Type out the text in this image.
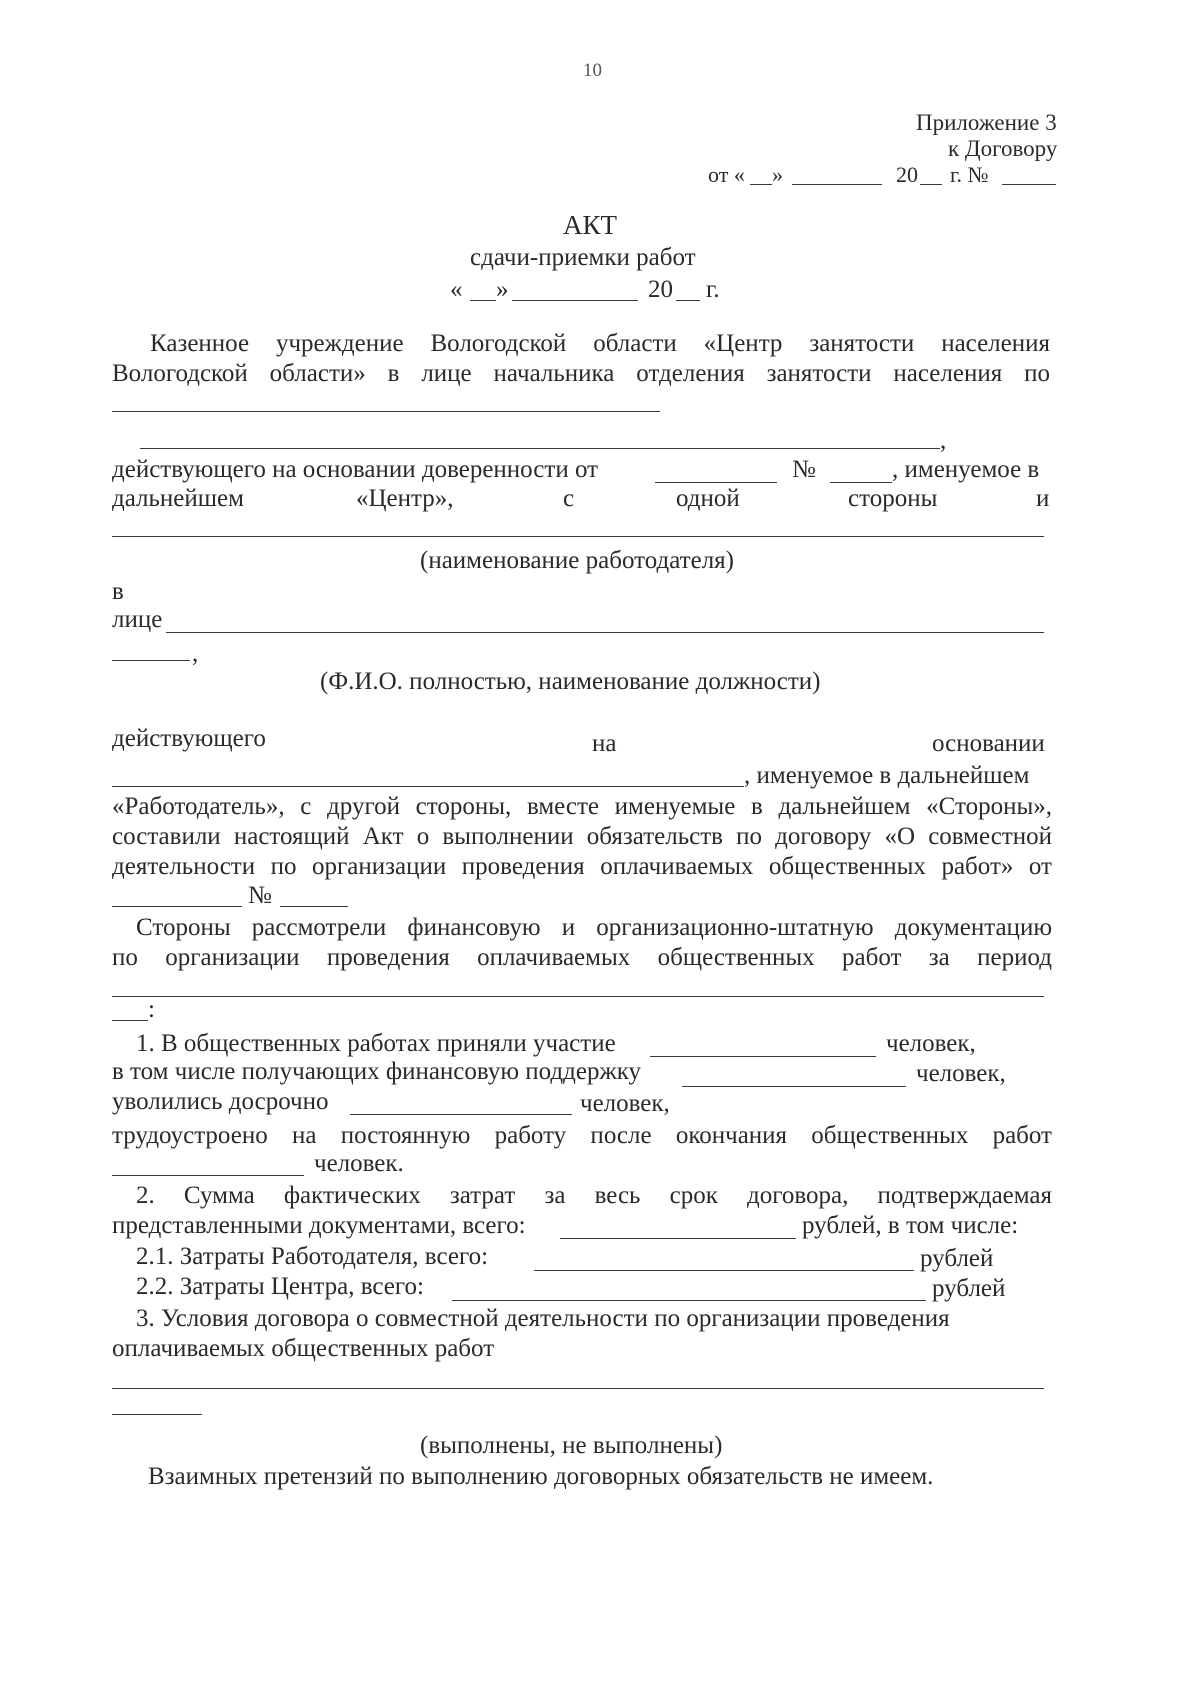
10
Приложение 3
к Договору
от « »	20 г. №
АКТ
сдачи-приемки работ
« »	20 г.
Казенное учреждение Вологодской области «Центр занятости населения
Вологодской области» в лице начальника отделения занятости населения по
,
действующего на основании доверенности от	№	, именуемое в
дальнейшем	«Центр»,	с	одной	стороны	и
(наименование работодателя)
в
лице
,
(Ф.И.О. полностью, наименование должности)
действующего	на	основании
, именуемое в дальнейшем
«Работодатель», с другой стороны, вместе именуемые в дальнейшем «Стороны»,
составили настоящий Акт о выполнении обязательств по договору «О совместной
деятельности по организации проведения оплачиваемых общественных работ» от
№
Стороны рассмотрели финансовую и организационно-штатную документацию
по организации проведения оплачиваемых общественных работ за период
:
1. В общественных работах приняли участие	человек,
в том числе получающих финансовую поддержку	человек,
уволились досрочно	человек,
трудоустроено на постоянную работу после окончания общественных работ
человек.
2. Сумма фактических затрат за весь срок договора, подтверждаемая
представленными документами, всего:	рублей, в том числе:
2.1. Затраты Работодателя, всего:	рублей
2.2. Затраты Центра, всего:	рублей
3. Условия договора о совместной деятельности по организации проведения
оплачиваемых общественных работ
(выполнены, не выполнены)
Взаимных претензий по выполнению договорных обязательств не имеем.
